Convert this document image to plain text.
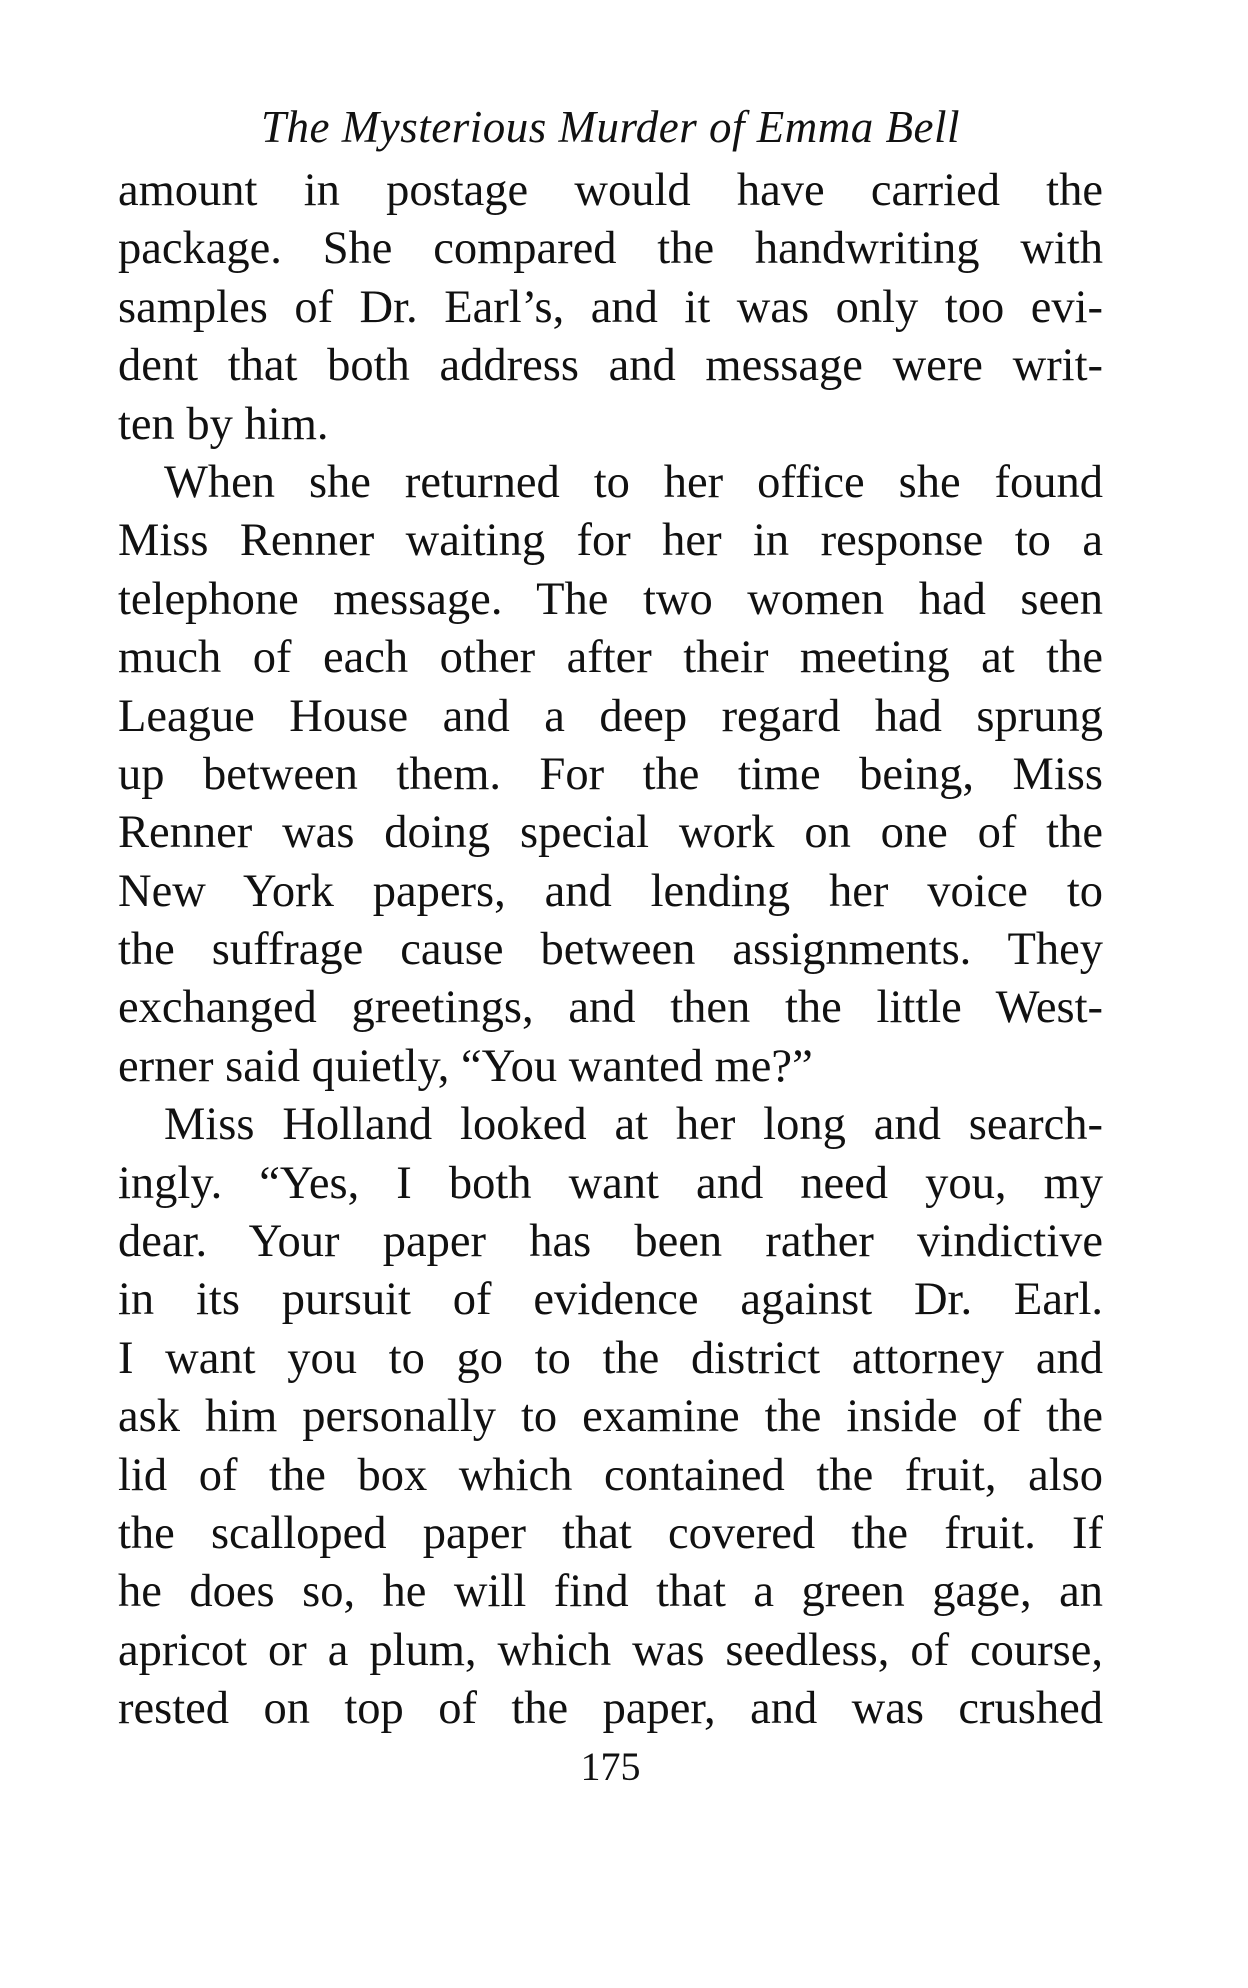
The Mysterious Murder of Emma Bell
amount in postage would have carried the
package. She compared the handwriting with
samples of Dr. Earl’s, and it was only too evi-
dent that both address and message were writ-
ten by him.
When she returned to her office she found
Miss Renner waiting for her in response to a
telephone message. The two women had seen
much of each other after their meeting at the
League House and a deep regard had sprung
up between them. For the time being, Miss
Renner was doing special work on one of the
New York papers, and lending her voice to
the suffrage cause between assignments. They
exchanged greetings, and then the little West-
erner said quietly, “You wanted me?”
Miss Holland looked at her long and search-
ingly. “Yes, I both want and need you, my
dear. Your paper has been rather vindictive
in its pursuit of evidence against Dr. Earl.
I want you to go to the district attorney and
ask him personally to examine the inside of the
lid of the box which contained the fruit, also
the scalloped paper that covered the fruit. If
he does so, he will find that a green gage, an
apricot or a plum, which was seedless, of course,
rested on top of the paper, and was crushed
175
